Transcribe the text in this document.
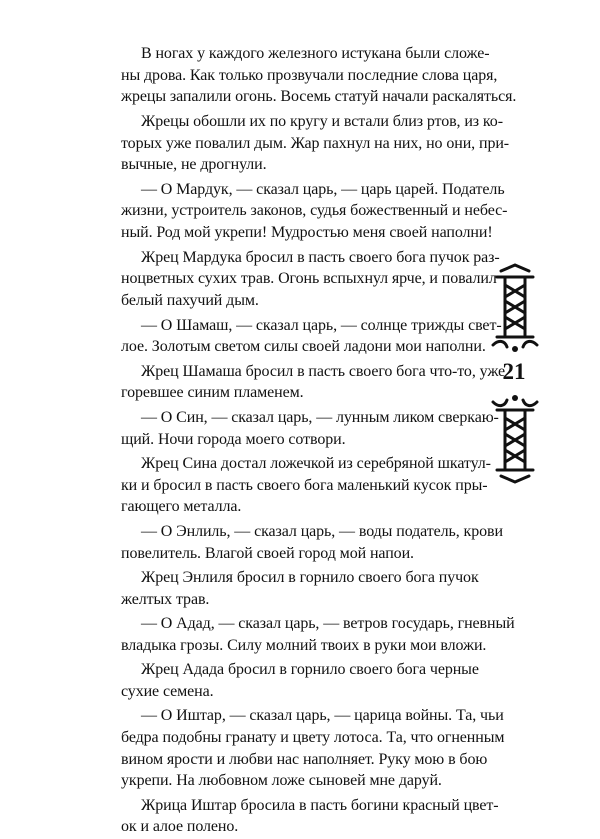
В ногах у каждого железного истукана были сложе-
ны дрова. Как только прозвучали последние слова царя,
жрецы запалили огонь. Восемь статуй начали раскаляться.
Жрецы обошли их по кругу и встали близ ртов, из ко-
торых уже повалил дым. Жар пахнул на них, но они, при-
вычные, не дрогнули.
— О Мардук, — сказал царь, — царь царей. Податель
жизни, устроитель законов, судья божественный и небес-
ный. Род мой укрепи! Мудростью меня своей наполни!
Жрец Мардука бросил в пасть своего бога пучок раз-
ноцветных сухих трав. Огонь вспыхнул ярче, и повалил
белый пахучий дым.
— О Шамаш, — сказал царь, — солнце трижды свет-
лое. Золотым светом силы своей ладони мои наполни.
Жрец Шамаша бросил в пасть своего бога что-то, уже
горевшее синим пламенем.
— О Син, — сказал царь, — лунным ликом сверкаю-
щий. Ночи города моего сотвори.
Жрец Сина достал ложечкой из серебряной шкатул-
ки и бросил в пасть своего бога маленький кусок пры-
гающего металла.
— О Энлиль, — сказал царь, — воды податель, крови
повелитель. Влагой своей город мой напои.
Жрец Энлиля бросил в горнило своего бога пучок
желтых трав.
— О Адад, — сказал царь, — ветров государь, гневный
владыка грозы. Силу молний твоих в руки мои вложи.
Жрец Адада бросил в горнило своего бога черные
сухие семена.
— О Иштар, — сказал царь, — царица войны. Та, чьи
бедра подобны гранату и цвету лотоса. Та, что огненным
вином ярости и любви нас наполняет. Руку мою в бою
укрепи. На любовном ложе сыновей мне даруй.
Жрица Иштар бросила в пасть богини красный цвет-
ок и алое полено.
21
